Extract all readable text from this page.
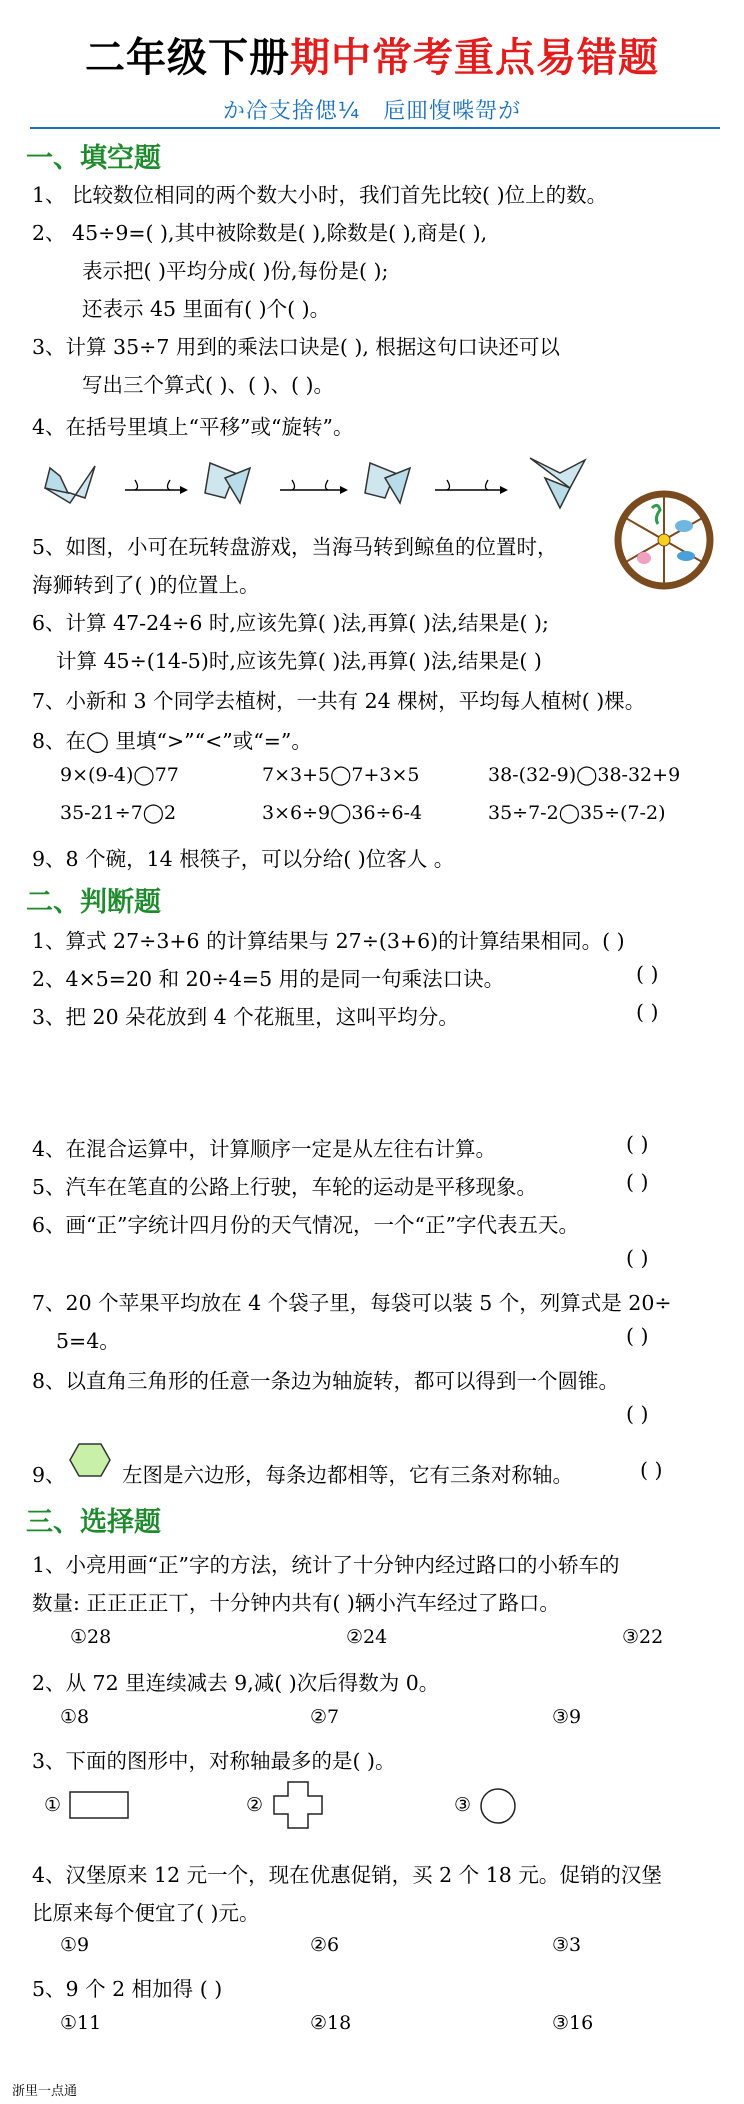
二年级下册期中常考重点易错题
か冾支捨偲¼　巵囬愎喍哿が
一、填空题
1、 比较数位相同的两个数大小时，我们首先比较( )位上的数。
2、 45÷9=( ),其中被除数是( ),除数是( ),商是( ),
表示把( )平均分成( )份,每份是( );
还表示 45 里面有( )个( )。
3、计算 35÷7 用到的乘法口诀是( ), 根据这句口诀还可以
写出三个算式( )、( )、( )。
4、在括号里填上“平移”或“旋转”。
5、如图，小可在玩转盘游戏，当海马转到鲸鱼的位置时，
海狮转到了( )的位置上。
6、计算 47-24÷6 时,应该先算( )法,再算( )法,结果是( );
计算 45÷(14-5)时,应该先算( )法,再算( )法,结果是( )
7、小新和 3 个同学去植树，一共有 24 棵树，平均每人植树( )棵。
8、在◯ 里填“>”“<”或“=”。
9×(9-4)◯77	7×3+5◯7+3×5	38-(32-9)◯38-32+9
35-21÷7◯2	3×6÷9◯36÷6-4	35÷7-2◯35÷(7-2)
9、8 个碗，14 根筷子，可以分给( )位客人 。
二、判断题
1、算式 27÷3+6 的计算结果与 27÷(3+6)的计算结果相同。( )
2、4×5=20 和 20÷4=5 用的是同一句乘法口诀。	( )
3、把 20 朵花放到 4 个花瓶里，这叫平均分。	( )
4、在混合运算中，计算顺序一定是从左往右计算。	( )
5、汽车在笔直的公路上行驶，车轮的运动是平移现象。	( )
6、画“正”字统计四月份的天气情况，一个“正”字代表五天。
( )
7、20 个苹果平均放在 4 个袋子里，每袋可以装 5 个，列算式是 20÷
5=4。	( )
8、以直角三角形的任意一条边为轴旋转，都可以得到一个圆锥。
( )
9、	左图是六边形，每条边都相等，它有三条对称轴。	( )
三、选择题
1、小亮用画“正”字的方法，统计了十分钟内经过路口的小轿车的
数量: 正正正正丅，十分钟内共有( )辆小汽车经过了路口。
①28	②24	③22
2、从 72 里连续减去 9,减( )次后得数为 0。
①8	②7	③9
3、下面的图形中，对称轴最多的是( )。
①	②	③
4、汉堡原来 12 元一个，现在优惠促销，买 2 个 18 元。促销的汉堡
比原来每个便宜了( )元。
①9	②6	③3
5、9 个 2 相加得 ( )
①11	②18	③16
浙里一点通
